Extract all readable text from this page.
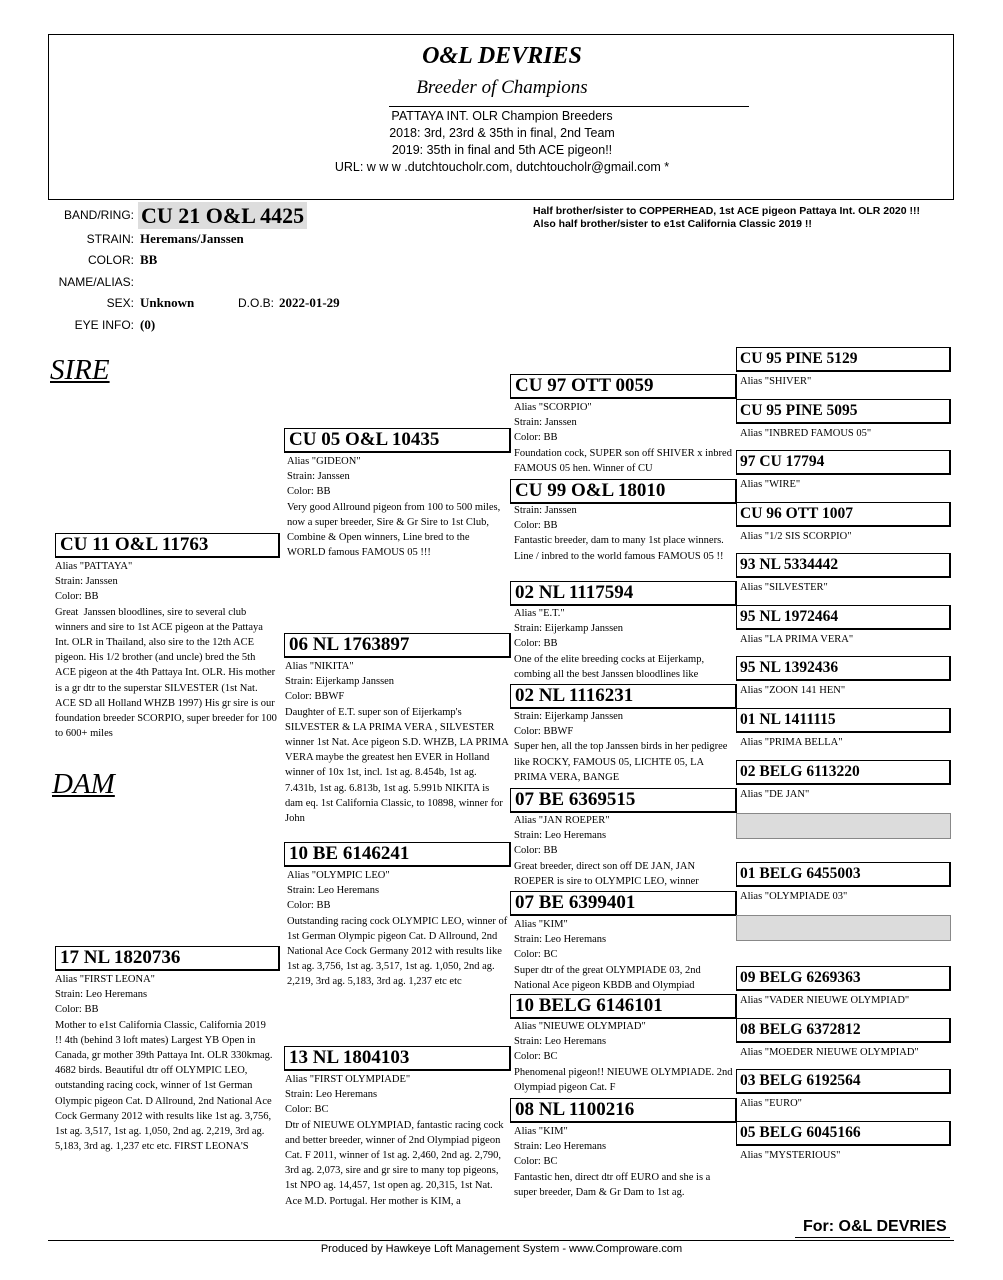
O&L DEVRIES
Breeder of Champions
PATTAYA INT. OLR Champion Breeders
2018: 3rd, 23rd & 35th in final, 2nd Team
2019: 35th in final and 5th ACE pigeon!!
URL: w w w .dutchtoucholr.com, dutchtoucholr@gmail.com *
BAND/RING: CU 21 O&L 4425
STRAIN: Heremans/Janssen
COLOR: BB
NAME/ALIAS:
SEX: Unknown	D.O.B: 2022-01-29
EYE INFO: (0)
Half brother/sister to COPPERHEAD, 1st ACE pigeon Pattaya Int. OLR 2020 !!! Also half brother/sister to e1st California Classic 2019 !!
SIRE
DAM
CU 11 O&L 11763
Alias "PATTAYA"
Strain: Janssen
Color: BB
Great  Janssen bloodlines, sire to several club winners and sire to 1st ACE pigeon at the Pattaya Int. OLR in Thailand, also sire to the 12th ACE pigeon. His 1/2 brother (and uncle) bred the 5th ACE pigeon at the 4th Pattaya Int. OLR. His mother is a gr dtr to the superstar SILVESTER (1st Nat. ACE SD all Holland WHZB 1997) His gr sire is our foundation breeder SCORPIO, super breeder for 100 to 600+ miles
17 NL 1820736
Alias "FIRST LEONA"
Strain: Leo Heremans
Color: BB
Mother to e1st California Classic, California 2019 !! 4th (behind 3 loft mates) Largest YB Open in Canada, gr mother 39th Pattaya Int. OLR 330kmag. 4682 birds. Beautiful dtr off OLYMPIC LEO, outstanding racing cock, winner of 1st German Olympic pigeon Cat. D Allround, 2nd National Ace Cock Germany 2012 with results like 1st ag. 3,756, 1st ag. 3,517, 1st ag. 1,050, 2nd ag. 2,219, 3rd ag. 5,183, 3rd ag. 1,237 etc etc. FIRST LEONA'S
CU 05 O&L 10435
Alias "GIDEON"
Strain: Janssen
Color: BB
Very good Allround pigeon from 100 to 500 miles, now a super breeder, Sire & Gr Sire to 1st Club, Combine & Open winners, Line bred to the WORLD famous FAMOUS 05 !!!
06 NL 1763897
Alias "NIKITA"
Strain: Eijerkamp Janssen
Color: BBWF
Daughter of E.T. super son of Eijerkamp's SILVESTER & LA PRIMA VERA , SILVESTER winner 1st Nat. Ace pigeon S.D. WHZB, LA PRIMA VERA maybe the greatest hen EVER in Holland winner of 10x 1st, incl. 1st ag. 8.454b, 1st ag. 7.431b, 1st ag. 6.813b, 1st ag. 5.991b NIKITA is dam eq. 1st California Classic, to 10898, winner for John
10 BE 6146241
Alias "OLYMPIC LEO"
Strain: Leo Heremans
Color: BB
Outstanding racing cock OLYMPIC LEO, winner of 1st German Olympic pigeon Cat. D Allround, 2nd National Ace Cock Germany 2012 with results like 1st ag. 3,756, 1st ag. 3,517, 1st ag. 1,050, 2nd ag. 2,219, 3rd ag. 5,183, 3rd ag. 1,237 etc etc
13 NL 1804103
Alias "FIRST OLYMPIADE"
Strain: Leo Heremans
Color: BC
Dtr of NIEUWE OLYMPIAD, fantastic racing cock and better breeder, winner of 2nd Olympiad pigeon Cat. F 2011, winner of 1st ag. 2,460, 2nd ag. 2,790, 3rd ag. 2,073, sire and gr sire to many top pigeons, 1st NPO ag. 14,457, 1st open ag. 20,315, 1st Nat. Ace M.D. Portugal. Her mother is KIM, a
CU 97 OTT 0059
Alias "SCORPIO"
Strain: Janssen
Color: BB
Foundation cock, SUPER son off SHIVER x inbred FAMOUS 05 hen. Winner of CU
CU 99 O&L 18010
Strain: Janssen
Color: BB
Fantastic breeder, dam to many 1st place winners. Line / inbred to the world famous FAMOUS 05 !!
02 NL 1117594
Alias "E.T."
Strain: Eijerkamp Janssen
Color: BB
One of the elite breeding cocks at Eijerkamp, combing all the best Janssen bloodlines like
02 NL 1116231
Strain: Eijerkamp Janssen
Color: BBWF
Super hen, all the top Janssen birds in her pedigree like ROCKY, FAMOUS 05, LICHTE 05, LA PRIMA VERA, BANGE
07 BE 6369515
Alias "JAN ROEPER"
Strain: Leo Heremans
Color: BB
Great breeder, direct son off DE JAN, JAN ROEPER is sire to OLYMPIC LEO, winner
07 BE 6399401
Alias "KIM"
Strain: Leo Heremans
Color: BC
Super dtr of the great OLYMPIADE 03, 2nd National Ace pigeon KBDB and Olympiad
10 BELG 6146101
Alias "NIEUWE OLYMPIAD"
Strain: Leo Heremans
Color: BC
Phenomenal pigeon!! NIEUWE OLYMPIADE. 2nd Olympiad pigeon Cat. F
08 NL 1100216
Alias "KIM"
Strain: Leo Heremans
Color: BC
Fantastic hen, direct dtr off EURO and she is a super breeder, Dam & Gr Dam to 1st ag.
CU 95 PINE 5129
Alias "SHIVER"
CU 95 PINE 5095
Alias "INBRED FAMOUS 05"
97 CU 17794
Alias "WIRE"
CU 96 OTT 1007
Alias "1/2 SIS SCORPIO"
93 NL 5334442
Alias "SILVESTER"
95 NL 1972464
Alias "LA PRIMA VERA"
95 NL 1392436
Alias "ZOON 141 HEN"
01 NL 1411115
Alias "PRIMA BELLA"
02 BELG 6113220
Alias "DE JAN"
01 BELG 6455003
Alias "OLYMPIADE 03"
09 BELG 6269363
Alias "VADER NIEUWE OLYMPIAD"
08 BELG 6372812
Alias "MOEDER NIEUWE OLYMPIAD"
03 BELG 6192564
Alias "EURO"
05 BELG 6045166
Alias "MYSTERIOUS"
For: O&L DEVRIES
Produced by Hawkeye Loft Management System - www.Comproware.com
